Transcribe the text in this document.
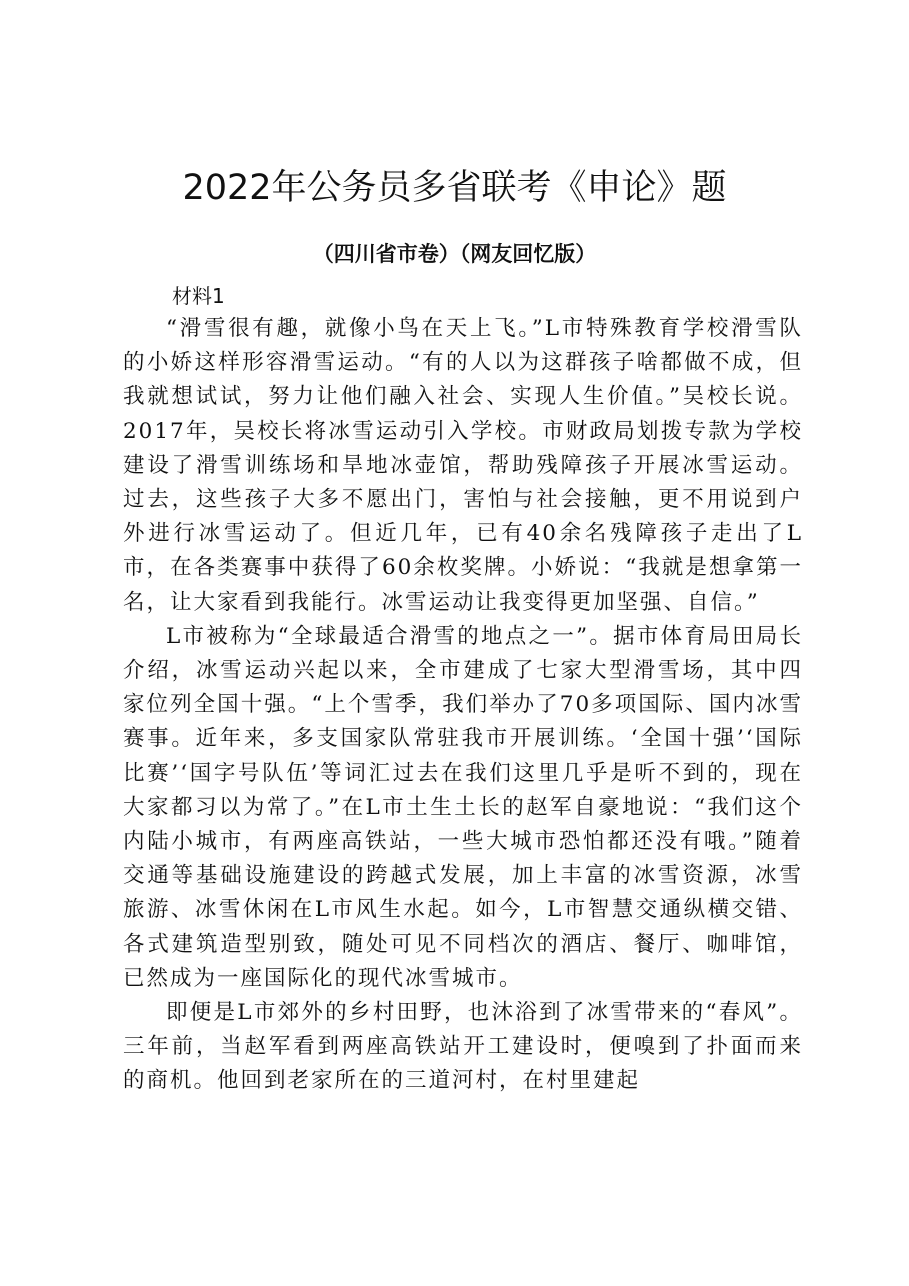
2022年公务员多省联考《申论》题
（四川省市卷）（网友回忆版）
材料1

“滑雪很有趣，就像小鸟在天上飞。”L市特殊教育学校滑雪队的小娇这样形容滑雪运动。“有的人以为这群孩子啥都做不成，但我就想试试，努力让他们融入社会、实现人生价值。”吴校长说。2017年，吴校长将冰雪运动引入学校。市财政局划拨专款为学校建设了滑雪训练场和旱地冰壶馆，帮助残障孩子开展冰雪运动。过去，这些孩子大多不愿出门，害怕与社会接触，更不用说到户外进行冰雪运动了。但近几年，已有40余名残障孩子走出了L市，在各类赛事中获得了60余枚奖牌。小娇说：“我就是想拿第一名，让大家看到我能行。冰雪运动让我变得更加坚强、自信。”

L市被称为“全球最适合滑雪的地点之一”。据市体育局田局长介绍，冰雪运动兴起以来，全市建成了七家大型滑雪场，其中四家位列全国十强。“上个雪季，我们举办了70多项国际、国内冰雪赛事。近年来，多支国家队常驻我市开展训练。‘全国十强’‘国际比赛’‘国字号队伍’等词汇过去在我们这里几乎是听不到的，现在大家都习以为常了。”在L市土生土长的赵军自豪地说：“我们这个内陆小城市，有两座高铁站，一些大城市恐怕都还没有哦。”随着交通等基础设施建设的跨越式发展，加上丰富的冰雪资源，冰雪旅游、冰雪休闲在L市风生水起。如今，L市智慧交通纵横交错、各式建筑造型别致，随处可见不同档次的酒店、餐厅、咖啡馆，已然成为一座国际化的现代冰雪城市。

即便是L市郊外的乡村田野，也沐浴到了冰雪带来的“春风”。三年前，当赵军看到两座高铁站开工建设时，便嗅到了扑面而来的商机。他回到老家所在的三道河村，在村里建起
